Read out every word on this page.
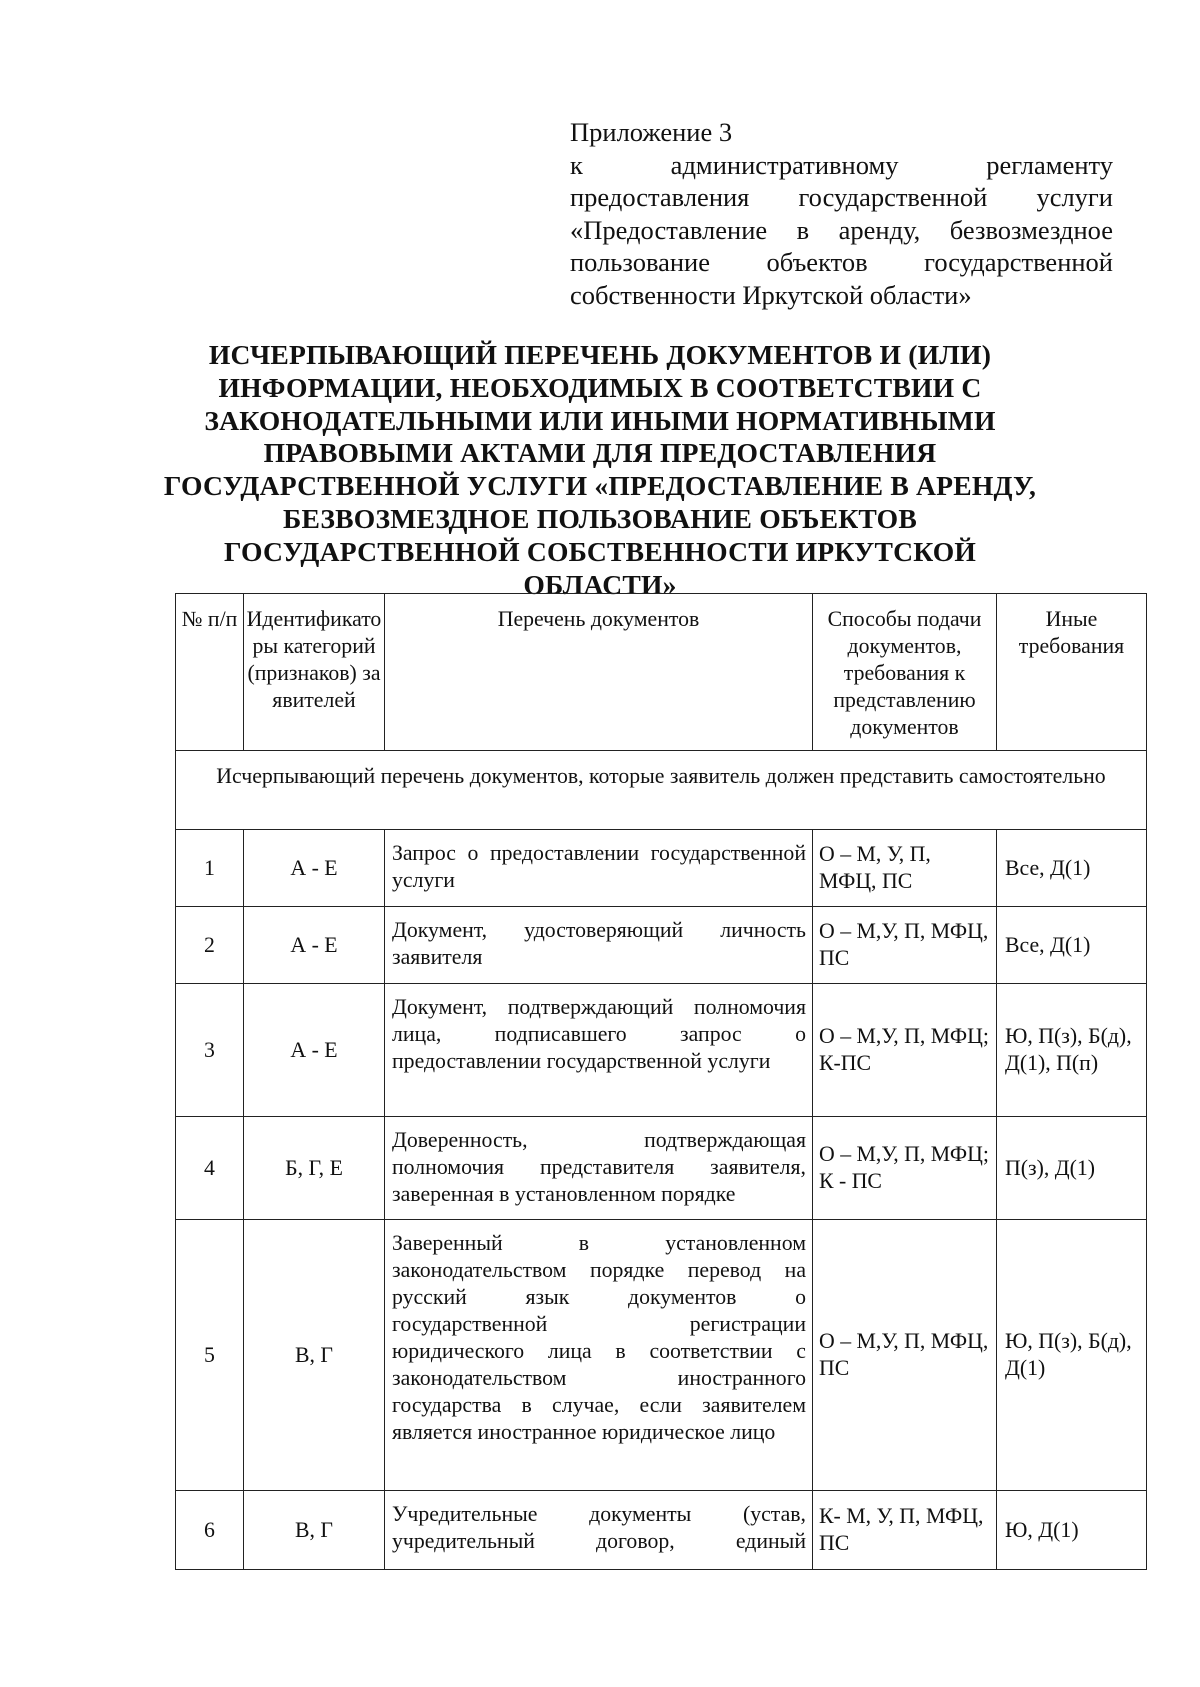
Приложение 3
к административному регламенту предоставления государственной услуги «Предоставление в аренду, безвозмездное пользование объектов государственной собственности Иркутской области»
ИСЧЕРПЫВАЮЩИЙ ПЕРЕЧЕНЬ ДОКУМЕНТОВ И (ИЛИ)
ИНФОРМАЦИИ, НЕОБХОДИМЫХ В СООТВЕТСТВИИ С
ЗАКОНОДАТЕЛЬНЫМИ ИЛИ ИНЫМИ НОРМАТИВНЫМИ
ПРАВОВЫМИ АКТАМИ ДЛЯ ПРЕДОСТАВЛЕНИЯ
ГОСУДАРСТВЕННОЙ УСЛУГИ «ПРЕДОСТАВЛЕНИЕ В АРЕНДУ,
БЕЗВОЗМЕЗДНОЕ ПОЛЬЗОВАНИЕ ОБЪЕКТОВ
ГОСУДАРСТВЕННОЙ СОБСТВЕННОСТИ ИРКУТСКОЙ ОБЛАСТИ»
№ п/п	Идентификаторы категорий (признаков) заявителей	Перечень документов	Способы подачи документов, требования к представлению документов	Иные требования

Исчерпывающий перечень документов, которые заявитель должен представить самостоятельно				

1	А - Е	Запрос о предоставлении государственной услуги	О – М, У, П, МФЦ, ПС	Все, Д(1)

2	А - Е	Документ, удостоверяющий личность заявителя	О – М,У, П, МФЦ, ПС	Все, Д(1)

3	А - Е	Документ, подтверждающий полномочия лица, подписавшего запрос о предоставлении государственной услуги	О – М,У, П, МФЦ; К-ПС	Ю, П(з), Б(д), Д(1), П(п)

4	Б, Г, Е	Доверенность, подтверждающая полномочия представителя заявителя, заверенная в установленном порядке	О – М,У, П, МФЦ; К - ПС	П(з), Д(1)

5	В, Г	Заверенный в установленном законодательством порядке перевод на русский язык документов о государственной регистрации юридического лица в соответствии с законодательством иностранного государства в случае, если заявителем является иностранное юридическое лицо	О – М,У, П, МФЦ, ПС	Ю, П(з), Б(д), Д(1)

6	В, Г	Учредительные документы (устав, учредительный договор, единый	К- М, У, П, МФЦ, ПС	Ю, Д(1)
